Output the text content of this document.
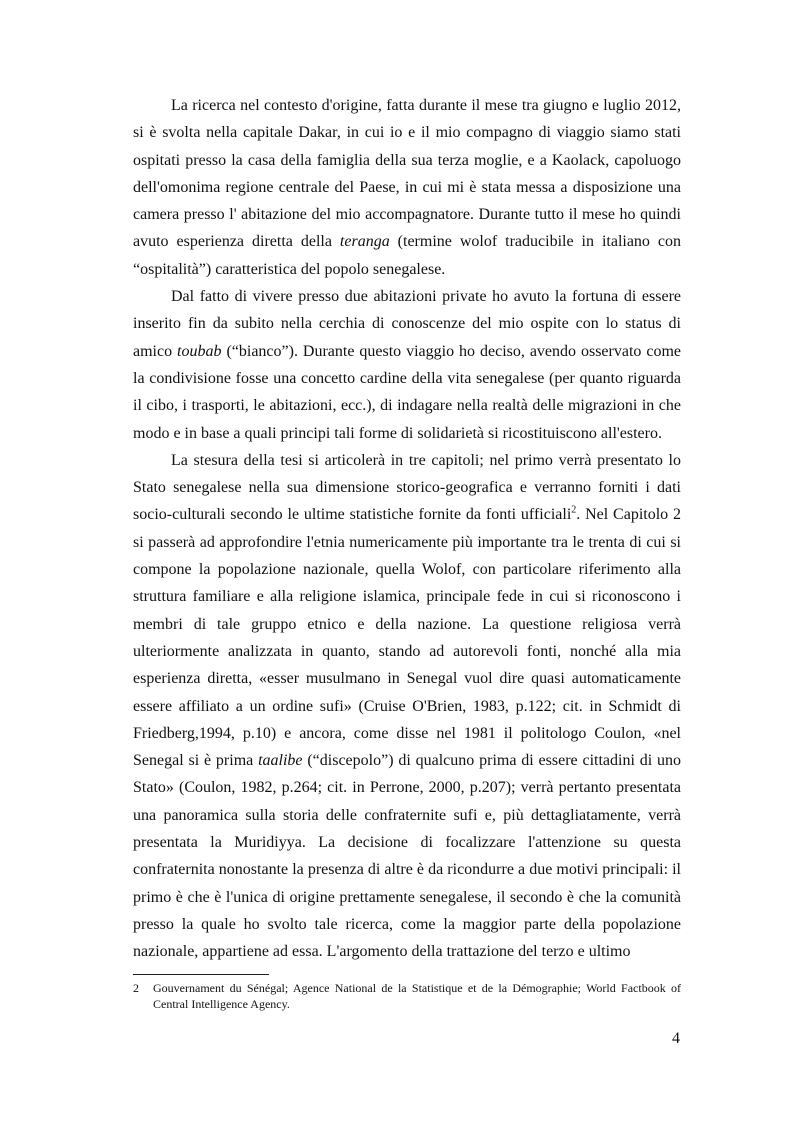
La ricerca nel contesto d'origine, fatta durante il mese tra giugno e luglio 2012, si è svolta nella capitale Dakar, in cui io e il mio compagno di viaggio siamo stati ospitati presso la casa della famiglia della sua terza moglie, e a Kaolack, capoluogo dell'omonima regione centrale del Paese, in cui mi è stata messa a disposizione una camera presso l' abitazione del mio accompagnatore. Durante tutto il mese ho quindi avuto esperienza diretta della teranga (termine wolof traducibile in italiano con “ospitalità”) caratteristica del popolo senegalese.

Dal fatto di vivere presso due abitazioni private ho avuto la fortuna di essere inserito fin da subito nella cerchia di conoscenze del mio ospite con lo status di amico toubab (“bianco”). Durante questo viaggio ho deciso, avendo osservato come la condivisione fosse una concetto cardine della vita senegalese (per quanto riguarda il cibo, i trasporti, le abitazioni, ecc.), di indagare nella realtà delle migrazioni in che modo e in base a quali principi tali forme di solidarietà si ricostituiscono all'estero.

La stesura della tesi si articolerà in tre capitoli; nel primo verrà presentato lo Stato senegalese nella sua dimensione storico-geografica e verranno forniti i dati socio-culturali secondo le ultime statistiche fornite da fonti ufficiali$^2$. Nel Capitolo 2 si passerà ad approfondire l'etnia numericamente più importante tra le trenta di cui si compone la popolazione nazionale, quella Wolof, con particolare riferimento alla struttura familiare e alla religione islamica, principale fede in cui si riconoscono i membri di tale gruppo etnico e della nazione. La questione religiosa verrà ulteriormente analizzata in quanto, stando ad autorevoli fonti, nonché alla mia esperienza diretta, «esser musulmano in Senegal vuol dire quasi automaticamente essere affiliato a un ordine sufi» (Cruise O'Brien, 1983, p.122; cit. in Schmidt di Friedberg,1994, p.10) e ancora, come disse nel 1981 il politologo Coulon, «nel Senegal si è prima taalibe (“discepolo”) di qualcuno prima di essere cittadini di uno Stato» (Coulon, 1982, p.264; cit. in Perrone, 2000, p.207); verrà pertanto presentata una panoramica sulla storia delle confraternite sufi e, più dettagliatamente, verrà presentata la Muridiyya. La decisione di focalizzare l'attenzione su questa confraternita nonostante la presenza di altre è da ricondurre a due motivi principali: il primo è che è l'unica di origine prettamente senegalese, il secondo è che la comunità presso la quale ho svolto tale ricerca, come la maggior parte della popolazione nazionale, appartiene ad essa. L'argomento della trattazione del terzo e ultimo

2 Gouvernament du Sénégal; Agence National de la Statistique et de la Démographie; World Factbook of Central Intelligence Agency.
4
